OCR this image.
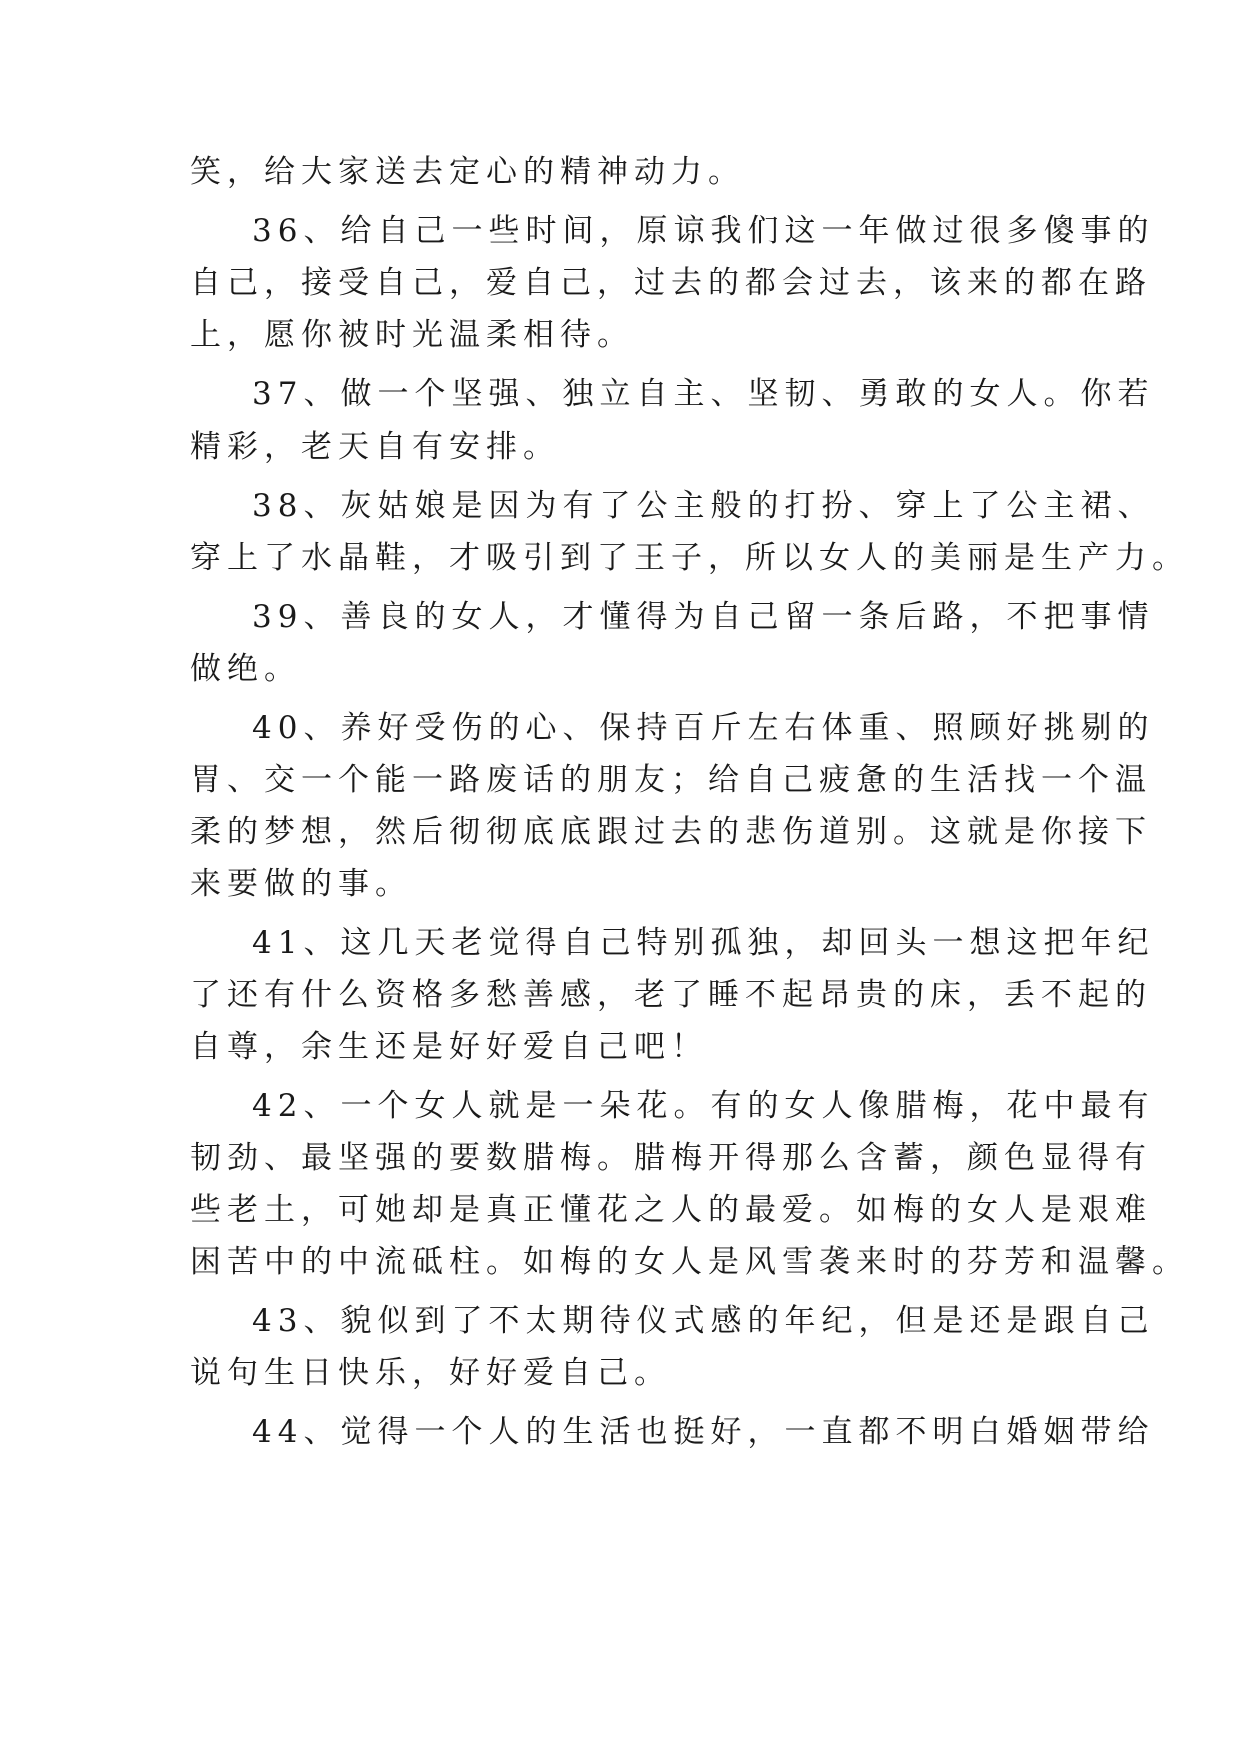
笑，给大家送去定心的精神动力。
36、给自己一些时间，原谅我们这一年做过很多傻事的
自己，接受自己，爱自己，过去的都会过去，该来的都在路
上，愿你被时光温柔相待。
37、做一个坚强、独立自主、坚韧、勇敢的女人。你若
精彩，老天自有安排。
38、灰姑娘是因为有了公主般的打扮、穿上了公主裙、
穿上了水晶鞋，才吸引到了王子，所以女人的美丽是生产力。
39、善良的女人，才懂得为自己留一条后路，不把事情
做绝。
40、养好受伤的心、保持百斤左右体重、照顾好挑剔的
胃、交一个能一路废话的朋友；给自己疲惫的生活找一个温
柔的梦想，然后彻彻底底跟过去的悲伤道别。这就是你接下
来要做的事。
41、这几天老觉得自己特别孤独，却回头一想这把年纪
了还有什么资格多愁善感，老了睡不起昂贵的床，丢不起的
自尊，余生还是好好爱自己吧！
42、一个女人就是一朵花。有的女人像腊梅，花中最有
韧劲、最坚强的要数腊梅。腊梅开得那么含蓄，颜色显得有
些老土，可她却是真正懂花之人的最爱。如梅的女人是艰难
困苦中的中流砥柱。如梅的女人是风雪袭来时的芬芳和温馨。
43、貌似到了不太期待仪式感的年纪，但是还是跟自己
说句生日快乐，好好爱自己。
44、觉得一个人的生活也挺好，一直都不明白婚姻带给
